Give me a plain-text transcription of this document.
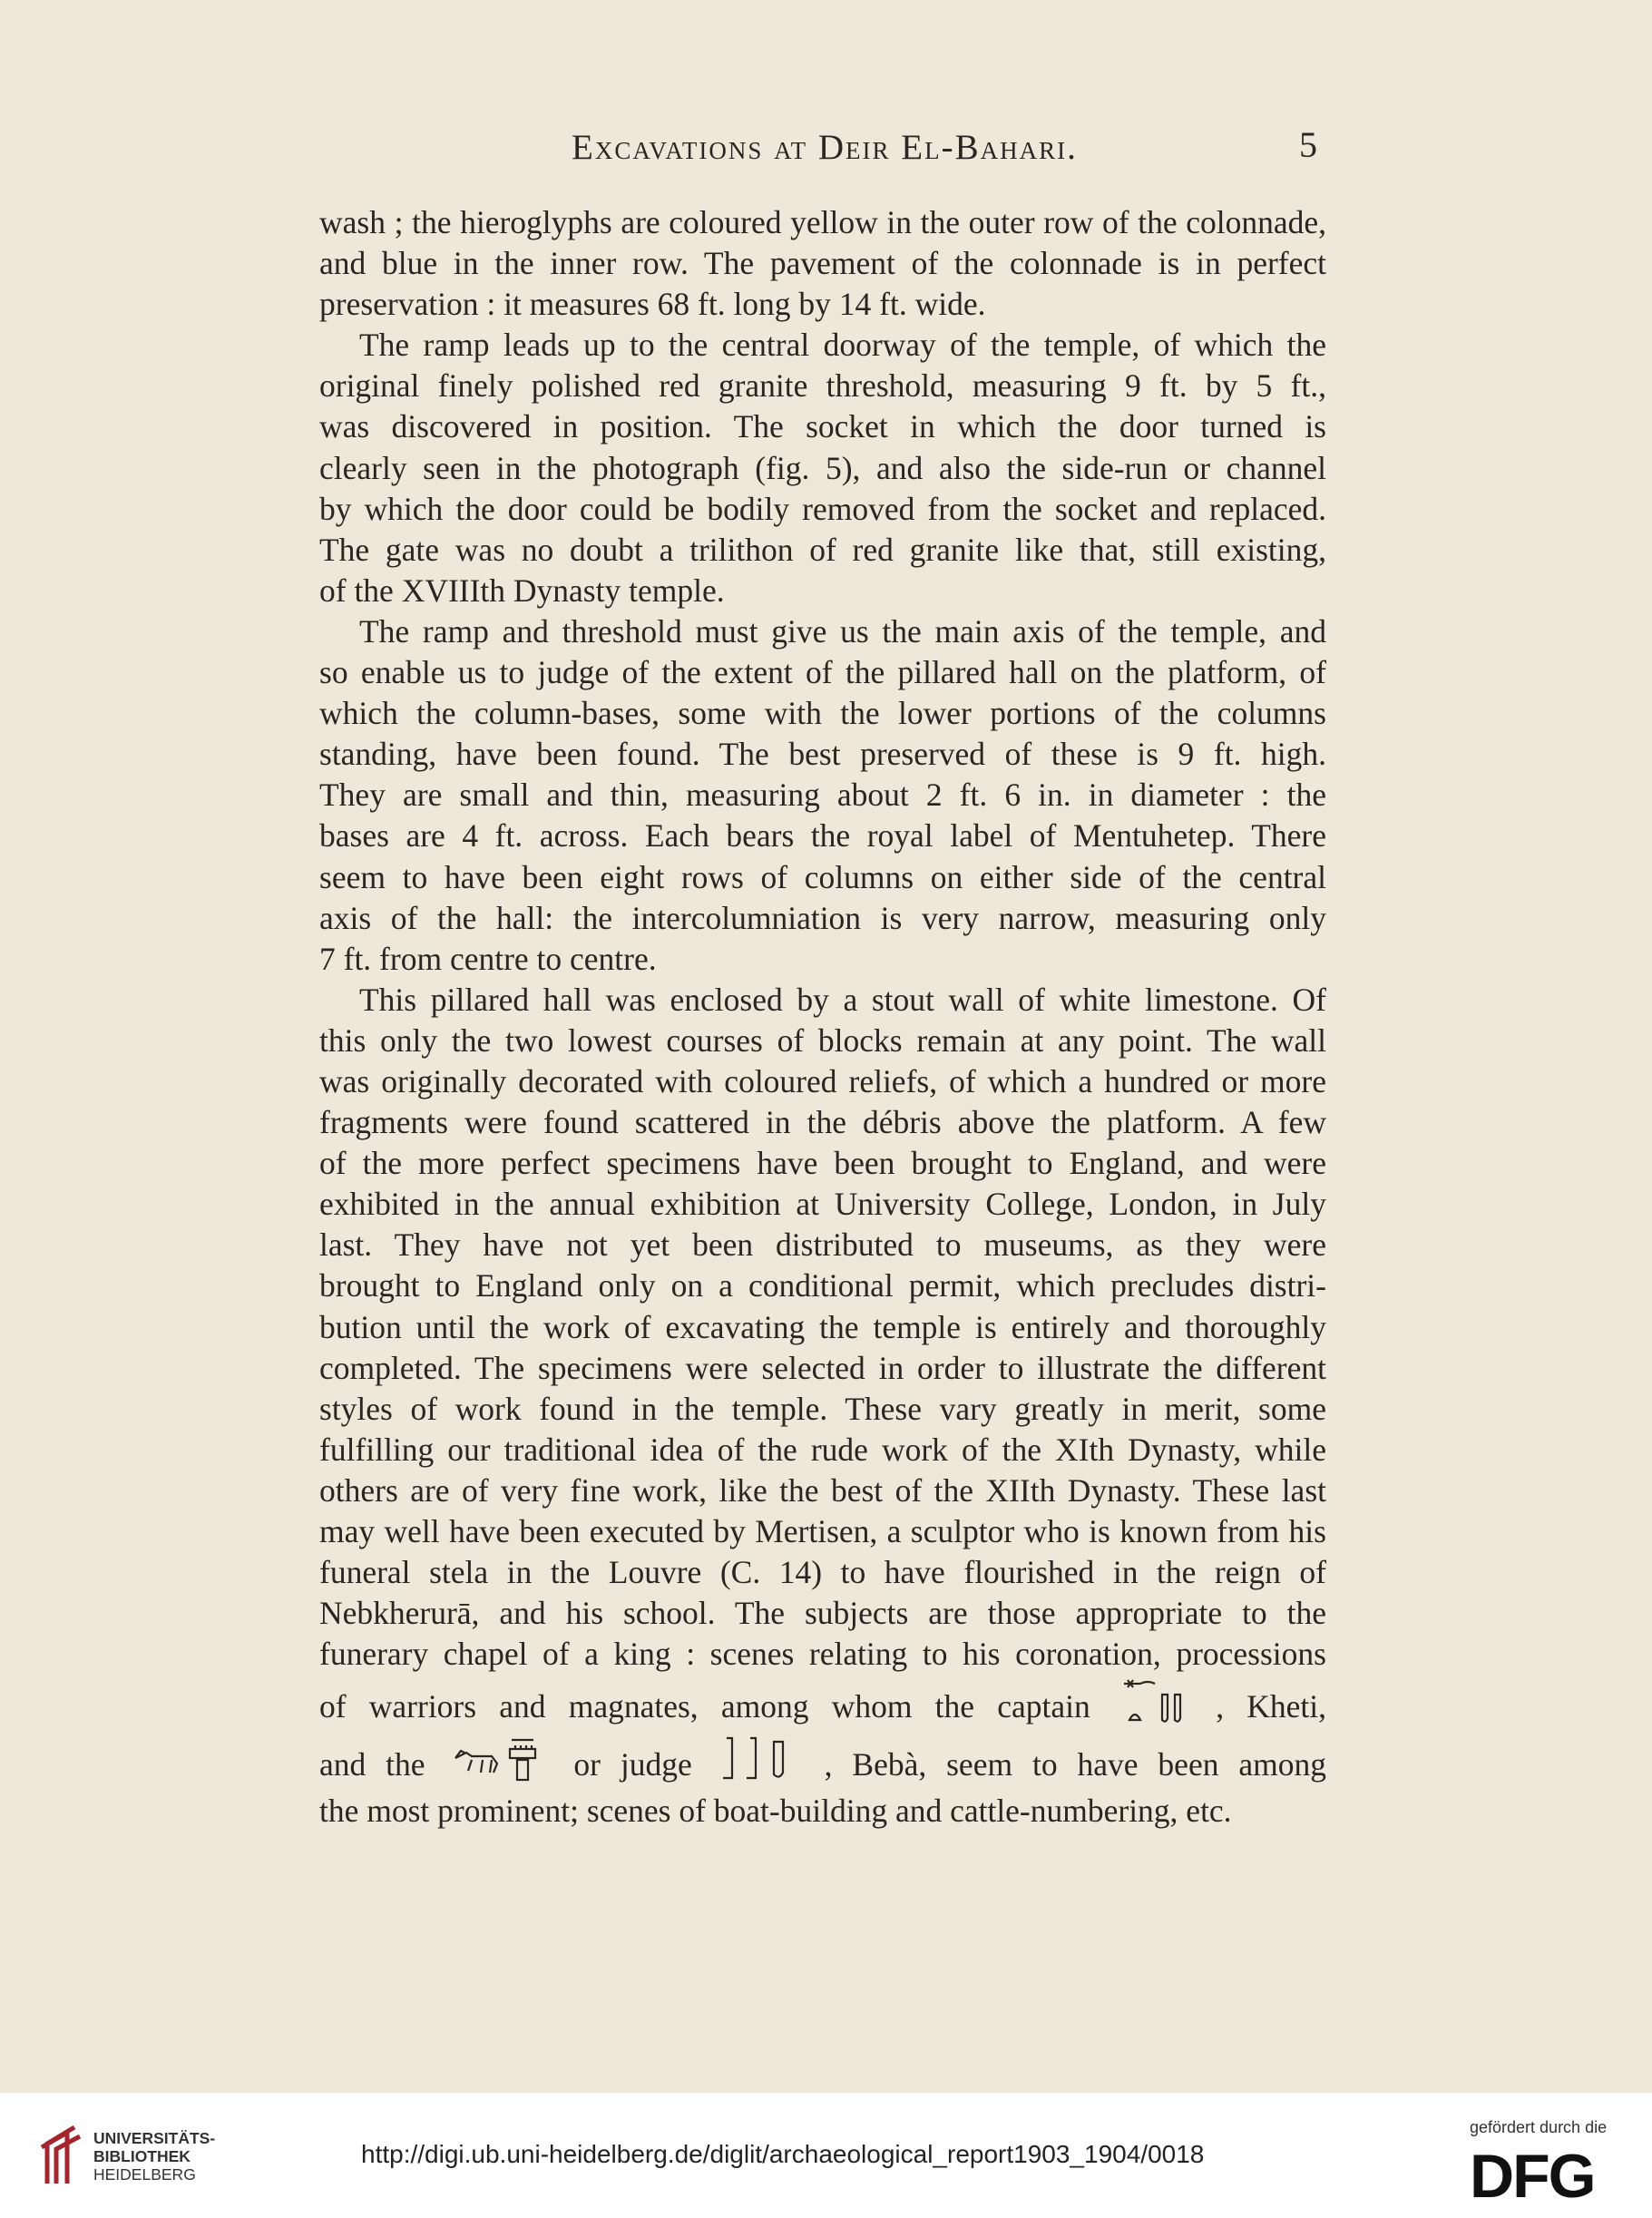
Excavations at Deir El-Bahari.	5
wash ; the hieroglyphs are coloured yellow in the outer row of the colonnade,
and blue in the inner row. The pavement of the colonnade is in perfect
preservation : it measures 68 ft. long by 14 ft. wide.
The ramp leads up to the central doorway of the temple, of which the
original finely polished red granite threshold, measuring 9 ft. by 5 ft.,
was discovered in position. The socket in which the door turned is
clearly seen in the photograph (fig. 5), and also the side-run or channel
by which the door could be bodily removed from the socket and replaced.
The gate was no doubt a trilithon of red granite like that, still existing,
of the XVIIIth Dynasty temple.
The ramp and threshold must give us the main axis of the temple, and
so enable us to judge of the extent of the pillared hall on the platform, of
which the column-bases, some with the lower portions of the columns
standing, have been found. The best preserved of these is 9 ft. high.
They are small and thin, measuring about 2 ft. 6 in. in diameter : the
bases are 4 ft. across. Each bears the royal label of Mentuhetep. There
seem to have been eight rows of columns on either side of the central
axis of the hall: the intercolumniation is very narrow, measuring only
7 ft. from centre to centre.
This pillared hall was enclosed by a stout wall of white limestone. Of
this only the two lowest courses of blocks remain at any point. The wall
was originally decorated with coloured reliefs, of which a hundred or more
fragments were found scattered in the débris above the platform. A few
of the more perfect specimens have been brought to England, and were
exhibited in the annual exhibition at University College, London, in July
last. They have not yet been distributed to museums, as they were
brought to England only on a conditional permit, which precludes distri-
bution until the work of excavating the temple is entirely and thoroughly
completed. The specimens were selected in order to illustrate the different
styles of work found in the temple. These vary greatly in merit, some
fulfilling our traditional idea of the rude work of the XIth Dynasty, while
others are of very fine work, like the best of the XIIth Dynasty. These last
may well have been executed by Mertisen, a sculptor who is known from his
funeral stela in the Louvre (C. 14) to have flourished in the reign of
Nebkherurā, and his school. The subjects are those appropriate to the
funerary chapel of a king : scenes relating to his coronation, processions
of warriors and magnates, among whom the captain	, Kheti,
and the	or judge	, Bebà, seem to have been among
the most prominent; scenes of boat-building and cattle-numbering, etc.
UNIVERSITÄTS-
BIBLIOTHEK
HEIDELBERG
http://digi.ub.uni-heidelberg.de/diglit/archaeological_report1903_1904/0018
gefördert durch die
DFG
